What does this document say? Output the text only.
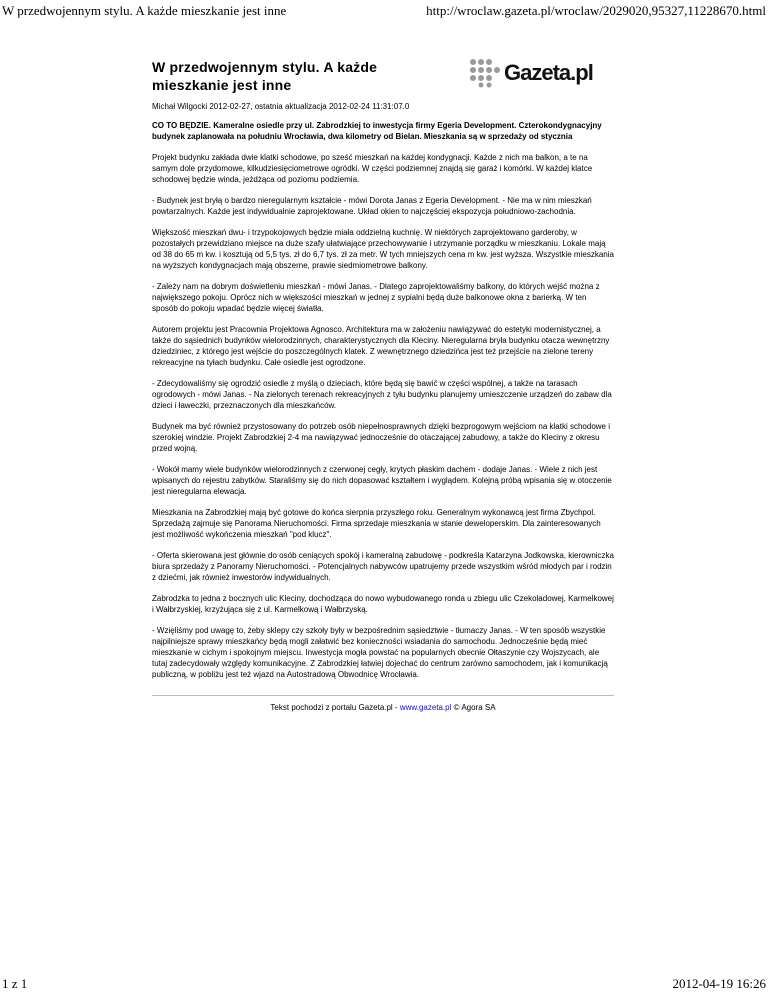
W przedwojennym stylu. A każde mieszkanie jest inne	http://wroclaw.gazeta.pl/wroclaw/2029020,95327,11228670.html
W przedwojennym stylu. A każde mieszkanie jest inne	Gazeta.pl
Michał Wilgocki 2012-02-27, ostatnia aktualizacja 2012-02-24 11:31:07.0
CO TO BĘDZIE. Kameralne osiedle przy ul. Zabrodzkiej to inwestycja firmy Egeria Development. Czterokondygnacyjny budynek zaplanowała na południu Wrocławia, dwa kilometry od Bielan. Mieszkania są w sprzedaży od stycznia
Projekt budynku zakłada dwie klatki schodowe, po sześć mieszkań na każdej kondygnacji. Każde z nich ma balkon, a te na samym dole przydomowe, kilkudziesięciometrowe ogródki. W części podziemnej znajdą się garaż i komórki. W każdej klatce schodowej będzie winda, jeżdżąca od poziomu podziemia.
- Budynek jest bryłą o bardzo nieregularnym kształcie - mówi Dorota Janas z Egeria Development. - Nie ma w nim mieszkań powtarzalnych. Każde jest indywidualnie zaprojektowane. Układ okien to najczęściej ekspozycja południowo-zachodnia.
Większość mieszkań dwu- i trzypokojowych będzie miała oddzielną kuchnię. W niektórych zaprojektowano garderoby, w pozostałych przewidziano miejsce na duże szafy ułatwiające przechowywanie i utrzymanie porządku w mieszkaniu. Lokale mają od 38 do 65 m kw. i kosztują od 5,5 tys. zł do 6,7 tys. zł za metr. W tych mniejszych cena m kw. jest wyższa. Wszystkie mieszkania na wyższych kondygnacjach mają obszerne, prawie siedmiometrowe balkony.
- Zależy nam na dobrym doświetleniu mieszkań - mówi Janas. - Dlatego zaprojektowaliśmy balkony, do których wejść można z największego pokoju. Oprócz nich w większości mieszkań w jednej z sypialni będą duże balkonowe okna z barierką. W ten sposób do pokoju wpadać będzie więcej światła.
Autorem projektu jest Pracownia Projektowa Agnosco. Architektura ma w założeniu nawiązywać do estetyki modernistycznej, a także do sąsiednich budynków wielorodzinnych, charakterystycznych dla Kleciny. Nieregularna bryła budynku otacza wewnętrzny dziedziniec, z którego jest wejście do poszczególnych klatek. Z wewnętrznego dziedzińca jest też przejście na zielone tereny rekreacyjne na tyłach budynku. Całe osiedle jest ogrodzone.
- Zdecydowaliśmy się ogrodzić osiedle z myślą o dzieciach, które będą się bawić w części wspólnej, a także na tarasach ogrodowych - mówi Janas. - Na zielonych terenach rekreacyjnych z tyłu budynku planujemy umieszczenie urządzeń do zabaw dla dzieci i ławeczki, przeznaczonych dla mieszkańców.
Budynek ma być również przystosowany do potrzeb osób niepełnosprawnych dzięki bezprogowym wejściom na klatki schodowe i szerokiej windzie. Projekt Zabrodzkiej 2-4 ma nawiązywać jednocześnie do otaczającej zabudowy, a także do Kleciny z okresu przed wojną.
- Wokół mamy wiele budynków wielorodzinnych z czerwonej cegły, krytych płaskim dachem - dodaje Janas. - Wiele z nich jest wpisanych do rejestru zabytków. Staraliśmy się do nich dopasować kształtem i wyglądem. Kolejną próbą wpisania się w otoczenie jest nieregularna elewacja.
Mieszkania na Zabrodzkiej mają być gotowe do końca sierpnia przyszłego roku. Generalnym wykonawcą jest firma Zbychpol. Sprzedażą zajmuje się Panorama Nieruchomości. Firma sprzedaje mieszkania w stanie deweloperskim. Dla zainteresowanych jest możliwość wykończenia mieszkań "pod klucz".
- Oferta skierowana jest głównie do osób ceniących spokój i kameralną zabudowę - podkreśla Katarzyna Jodkowska, kierowniczka biura sprzedaży z Panoramy Nieruchomości. - Potencjalnych nabywców upatrujemy przede wszystkim wśród młodych par i rodzin z dziećmi, jak również inwestorów indywidualnych.
Zabrodzka to jedna z bocznych ulic Kleciny, dochodząca do nowo wybudowanego ronda u zbiegu ulic Czekoladowej, Karmelkowej i Wałbrzyskiej, krzyżująca się z ul. Karmelkową i Wałbrzyską.
- Wzięliśmy pod uwagę to, żeby sklepy czy szkoły były w bezpośrednim sąsiedztwie - tłumaczy Janas. - W ten sposób wszystkie najpilniejsze sprawy mieszkańcy będą mogli załatwić bez konieczności wsiadania do samochodu. Jednocześnie będą mieć mieszkanie w cichym i spokojnym miejscu. Inwestycja mogła powstać na popularnych obecnie Ołtaszynie czy Wojszycach, ale tutaj zadecydowały względy komunikacyjne. Z Zabrodzkiej łatwiej dojechać do centrum zarówno samochodem, jak i komunikacją publiczną, w pobliżu jest też wjazd na Autostradową Obwodnicę Wrocławia.
Tekst pochodzi z portalu Gazeta.pl - www.gazeta.pl © Agora SA
1 z 1	2012-04-19 16:26
